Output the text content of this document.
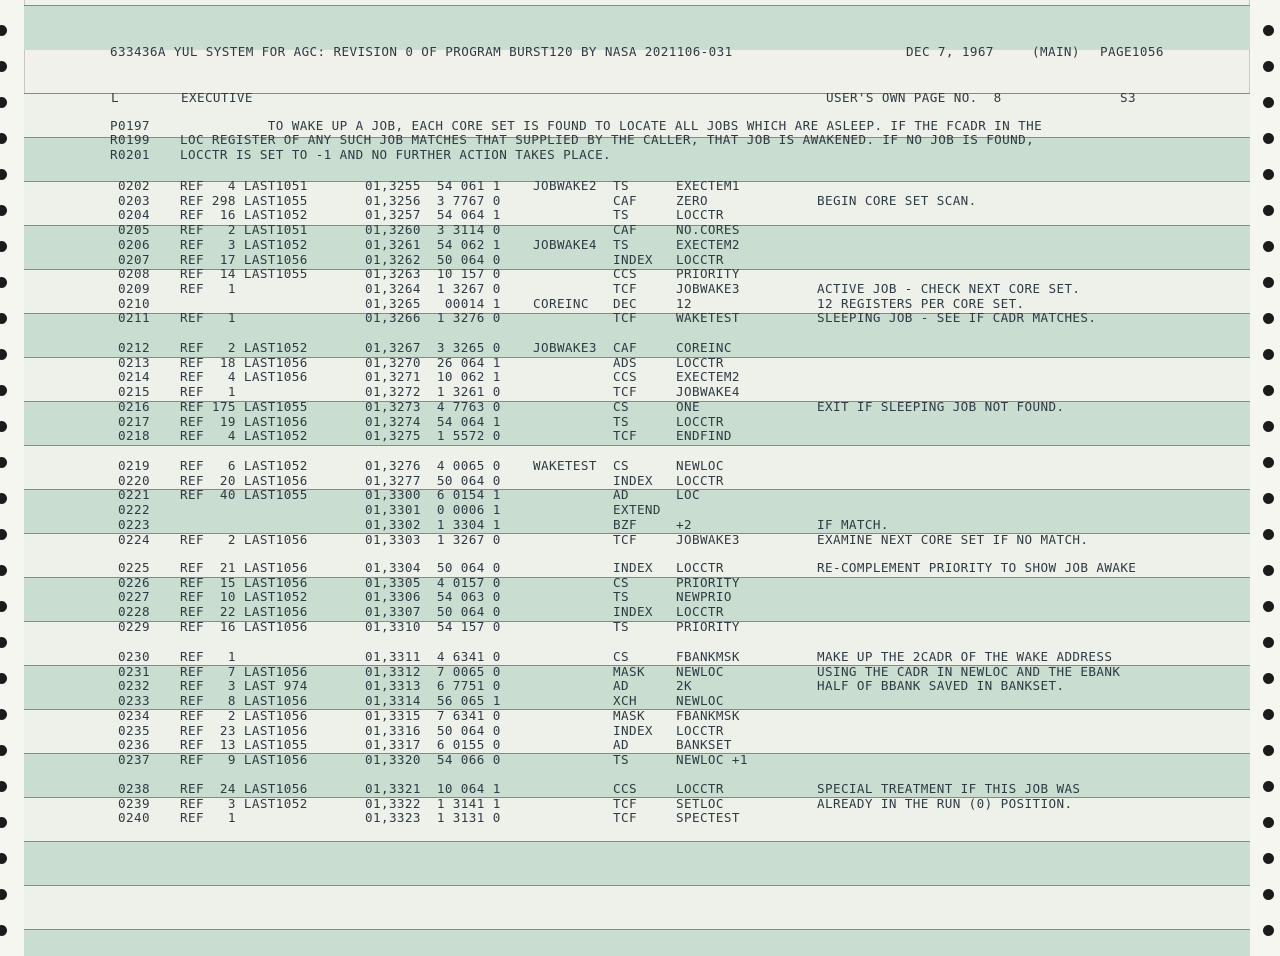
633436A YUL SYSTEM FOR AGC: REVISION 0 OF PROGRAM BURST120 BY NASA 2021106-031	DEC 7, 1967	(MAIN) PAGE1056
L	EXECUTIVE	USER'S OWN PAGE NO. 8	S3
P0197 TO WAKE UP A JOB, EACH CORE SET IS FOUND TO LOCATE ALL JOBS WHICH ARE ASLEEP. IF THE FCADR IN THE
R0199 LOC REGISTER OF ANY SUCH JOB MATCHES THAT SUPPLIED BY THE CALLER, THAT JOB IS AWAKENED. IF NO JOB IS FOUND,
R0201 LOCCTR IS SET TO -1 AND NO FURTHER ACTION TAKES PLACE.
0202 REF   4 LAST1051	01,3255  54 061 1	JOBWAKE2 TS	EXECTEM1
0203 REF 298 LAST1055	01,3256  3 7767 0	CAF	ZERO	BEGIN CORE SET SCAN.
0204 REF  16 LAST1052	01,3257  54 064 1	TS	LOCCTR
0205 REF   2 LAST1051	01,3260  3 3114 0	CAF	NO.CORES
0206 REF   3 LAST1052	01,3261  54 062 1	JOBWAKE4 TS	EXECTEM2
0207 REF  17 LAST1056	01,3262  50 064 0	INDEX LOCCTR
0208 REF  14 LAST1055	01,3263  10 157 0	CCS	PRIORITY
0209 REF   1	01,3264  1 3267 0	TCF	JOBWAKE3	ACTIVE JOB - CHECK NEXT CORE SET.
0210	01,3265   00014 1	COREINC DEC	12	12 REGISTERS PER CORE SET.
0211 REF   1	01,3266  1 3276 0	TCF	WAKETEST	SLEEPING JOB - SEE IF CADR MATCHES.
0212 REF   2 LAST1052	01,3267  3 3265 0	JOBWAKE3 CAF	COREINC
0213 REF  18 LAST1056	01,3270  26 064 1	ADS	LOCCTR
0214 REF   4 LAST1056	01,3271  10 062 1	CCS	EXECTEM2
0215 REF   1	01,3272  1 3261 0	TCF	JOBWAKE4
0216 REF 175 LAST1055	01,3273  4 7763 0	CS	ONE	EXIT IF SLEEPING JOB NOT FOUND.
0217 REF  19 LAST1056	01,3274  54 064 1	TS	LOCCTR
0218 REF   4 LAST1052	01,3275  1 5572 0	TCF	ENDFIND
0219 REF   6 LAST1052	01,3276  4 0065 0	WAKETEST CS	NEWLOC
0220 REF  20 LAST1056	01,3277  50 064 0	INDEX LOCCTR
0221 REF  40 LAST1055	01,3300  6 0154 1	AD	LOC
0222	01,3301  0 0006 1	EXTEND
0223	01,3302  1 3304 1	BZF	+2	IF MATCH.
0224 REF   2 LAST1056	01,3303  1 3267 0	TCF	JOBWAKE3	EXAMINE NEXT CORE SET IF NO MATCH.
0225 REF  21 LAST1056	01,3304  50 064 0	INDEX LOCCTR	RE-COMPLEMENT PRIORITY TO SHOW JOB AWAKE
0226 REF  15 LAST1056	01,3305  4 0157 0	CS	PRIORITY
0227 REF  10 LAST1052	01,3306  54 063 0	TS	NEWPRIO
0228 REF  22 LAST1056	01,3307  50 064 0	INDEX LOCCTR
0229 REF  16 LAST1056	01,3310  54 157 0	TS	PRIORITY
0230 REF   1	01,3311  4 6341 0	CS	FBANKMSK	MAKE UP THE 2CADR OF THE WAKE ADDRESS
0231 REF   7 LAST1056	01,3312  7 0065 0	MASK NEWLOC	USING THE CADR IN NEWLOC AND THE EBANK
0232 REF   3 LAST 974	01,3313  6 7751 0	AD	2K	HALF OF BBANK SAVED IN BANKSET.
0233 REF   8 LAST1056	01,3314  56 065 1	XCH	NEWLOC
0234 REF   2 LAST1056	01,3315  7 6341 0	MASK FBANKMSK
0235 REF  23 LAST1056	01,3316  50 064 0	INDEX LOCCTR
0236 REF  13 LAST1055	01,3317  6 0155 0	AD	BANKSET
0237 REF   9 LAST1056	01,3320  54 066 0	TS	NEWLOC +1
0238 REF  24 LAST1056	01,3321  10 064 1	CCS	LOCCTR	SPECIAL TREATMENT IF THIS JOB WAS
0239 REF   3 LAST1052	01,3322  1 3141 1	TCF	SETLOC	ALREADY IN THE RUN (0) POSITION.
0240 REF   1	01,3323  1 3131 0	TCF	SPECTEST
